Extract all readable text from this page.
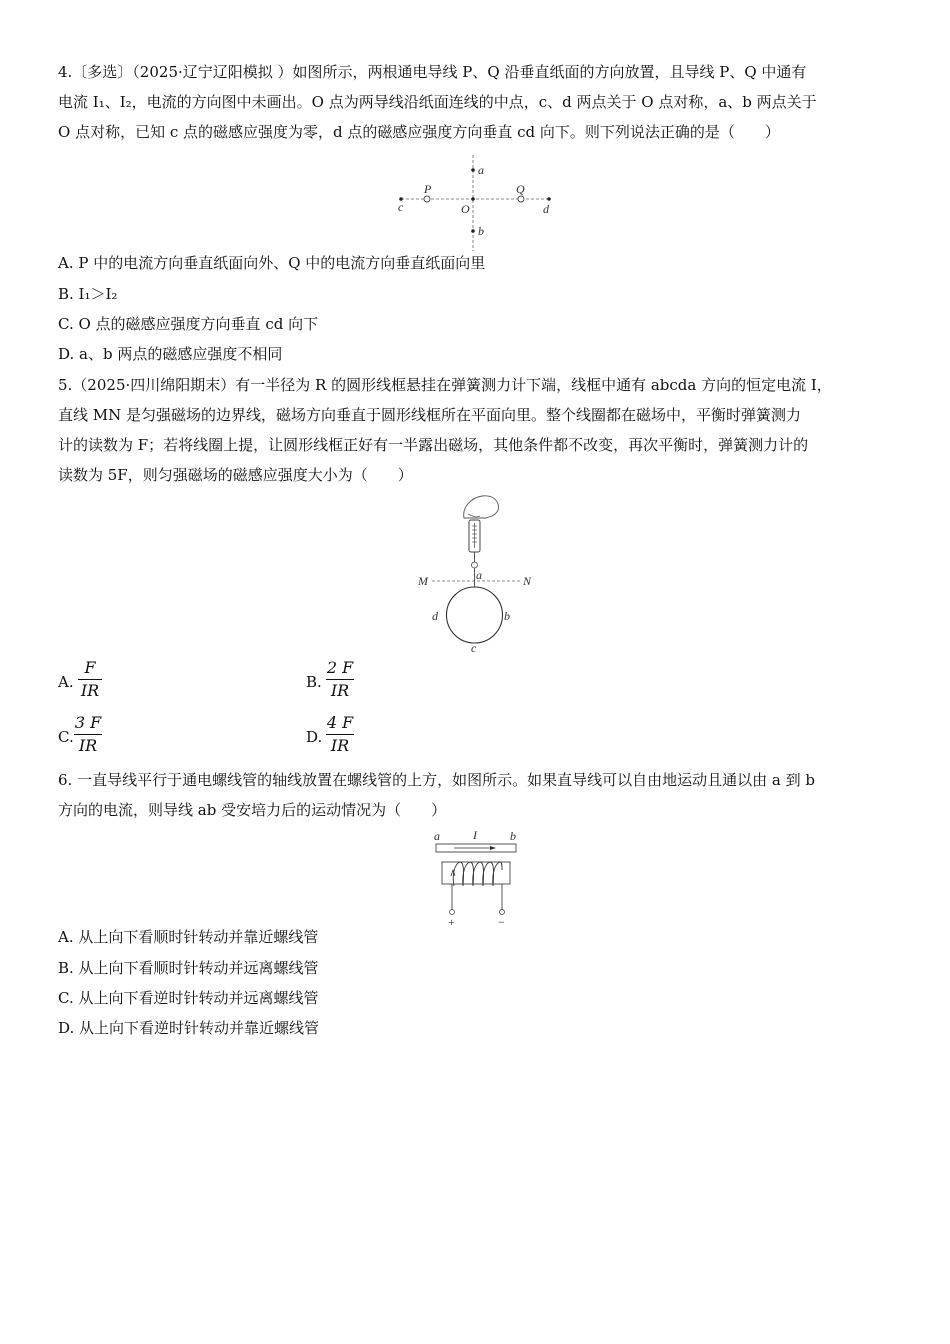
4.〔多选〕（2025·辽宁辽阳模拟 ）如图所示，两根通电导线 P、Q 沿垂直纸面的方向放置，且导线 P、Q 中通有
电流 I₁、I₂，电流的方向图中未画出。O 点为两导线沿纸面连线的中点，c、d 两点关于 O 点对称，a、b 两点关于
O 点对称，已知 c 点的磁感应强度为零，d 点的磁感应强度方向垂直 cd 向下。则下列说法正确的是（　　）
a
b
c	d
P	Q
O
A. P 中的电流方向垂直纸面向外、Q 中的电流方向垂直纸面向里
B. I₁＞I₂
C. O 点的磁感应强度方向垂直 cd 向下
D. a、b 两点的磁感应强度不相同
5.（2025·四川绵阳期末）有一半径为 R 的圆形线框悬挂在弹簧测力计下端，线框中通有 abcda 方向的恒定电流 I，
直线 MN 是匀强磁场的边界线，磁场方向垂直于圆形线框所在平面向里。整个线圈都在磁场中，平衡时弹簧测力
计的读数为 F；若将线圈上提，让圆形线框正好有一半露出磁场，其他条件都不改变，再次平衡时，弹簧测力计的
读数为 5F，则匀强磁场的磁感应强度大小为（　　）
M	N
a
d	b
c
A.
F
IR	B.
2 F
IR
C.
3 F
IR	D.
4 F
IR
6. 一直导线平行于通电螺线管的轴线放置在螺线管的上方，如图所示。如果直导线可以自由地运动且通以由 a 到 b
方向的电流，则导线 ab 受安培力后的运动情况为（　　）
a	I	b
+	−
A. 从上向下看顺时针转动并靠近螺线管
B. 从上向下看顺时针转动并远离螺线管
C. 从上向下看逆时针转动并远离螺线管
D. 从上向下看逆时针转动并靠近螺线管
